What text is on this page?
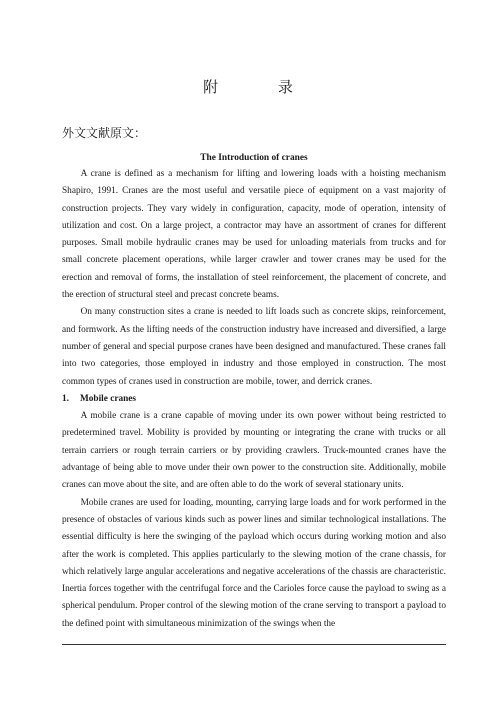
附 录
外文文献原文：

The Introduction of cranes

A crane is defined as a mechanism for lifting and lowering loads with a hoisting mechanism Shapiro, 1991. Cranes are the most useful and versatile piece of equipment on a vast majority of construction projects. They vary widely in configuration, capacity, mode of operation, intensity of utilization and cost. On a large project, a contractor may have an assortment of cranes for different purposes. Small mobile hydraulic cranes may be used for unloading materials from trucks and for small concrete placement operations, while larger crawler and tower cranes may be used for the erection and removal of forms, the installation of steel reinforcement, the placement of concrete, and the erection of structural steel and precast concrete beams.

On many construction sites a crane is needed to lift loads such as concrete skips, reinforcement, and formwork. As the lifting needs of the construction industry have increased and diversified, a large number of general and special purpose cranes have been designed and manufactured. These cranes fall into two categories, those employed in industry and those employed in construction. The most common types of cranes used in construction are mobile, tower, and derrick cranes.

1. Mobile cranes

A mobile crane is a crane capable of moving under its own power without being restricted to predetermined travel. Mobility is provided by mounting or integrating the crane with trucks or all terrain carriers or rough terrain carriers or by providing crawlers. Truck-mounted cranes have the advantage of being able to move under their own power to the construction site. Additionally, mobile cranes can move about the site, and are often able to do the work of several stationary units.

Mobile cranes are used for loading, mounting, carrying large loads and for work performed in the presence of obstacles of various kinds such as power lines and similar technological installations. The essential difficulty is here the swinging of the payload which occurs during working motion and also after the work is completed. This applies particularly to the slewing motion of the crane chassis, for which relatively large angular accelerations and negative accelerations of the chassis are characteristic. Inertia forces together with the centrifugal force and the Carioles force cause the payload to swing as a spherical pendulum. Proper control of the slewing motion of the crane serving to transport a payload to the defined point with simultaneous minimization of the swings when the
